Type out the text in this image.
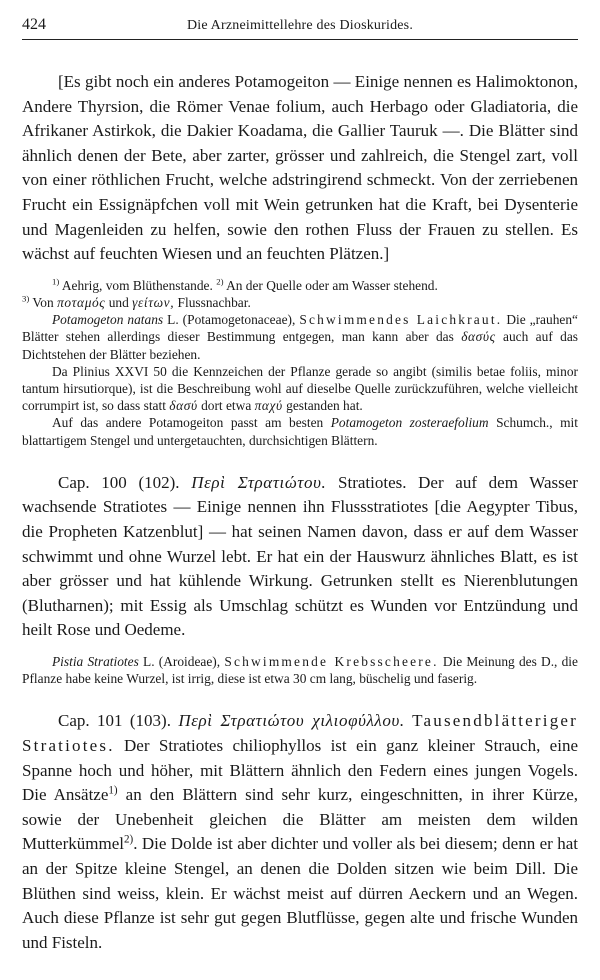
424	Die Arzneimittellehre des Dioskurides.

[Es gibt noch ein anderes Potamogeiton — Einige nennen es Halimoktonon, Andere Thyrsion, die Römer Venae folium, auch Herbago oder Gladiatoria, die Afrikaner Astirkok, die Dakier Koadama, die Gallier Tauruk —. Die Blätter sind ähnlich denen der Bete, aber zarter, grösser und zahlreich, die Stengel zart, voll von einer röthlichen Frucht, welche adstringirend schmeckt. Von der zerriebenen Frucht ein Essignäpfchen voll mit Wein getrunken hat die Kraft, bei Dysenterie und Magenleiden zu helfen, sowie den rothen Fluss der Frauen zu stellen. Es wächst auf feuchten Wiesen und an feuchten Plätzen.]

$^{1)}$ Aehrig, vom Blüthenstande. $^{2)}$ An der Quelle oder am Wasser stehend.

$^{3)}$ Von ποταμός und γείτων, Flussnachbar.

Potamogeton natans L. (Potamogetonaceae), Schwimmendes Laichkraut. Die „rauhen“ Blätter stehen allerdings dieser Bestimmung entgegen, man kann aber das δασύς auch auf das Dichtstehen der Blätter beziehen.

Da Plinius XXVI 50 die Kennzeichen der Pflanze gerade so angibt (similis betae foliis, minor tantum hirsutiorque), ist die Beschreibung wohl auf dieselbe Quelle zurückzuführen, welche vielleicht corrumpirt ist, so dass statt δασύ dort etwa παχύ gestanden hat.

Auf das andere Potamogeiton passt am besten Potamogeton zosteraefolium Schumch., mit blattartigem Stengel und untergetauchten, durchsichtigen Blättern.

Cap. 100 (102). Περὶ Στρατιώτου. Stratiotes. Der auf dem Wasser wachsende Stratiotes — Einige nennen ihn Flussstratiotes [die Aegypter Tibus, die Propheten Katzenblut] — hat seinen Namen davon, dass er auf dem Wasser schwimmt und ohne Wurzel lebt. Er hat ein der Hauswurz ähnliches Blatt, es ist aber grösser und hat kühlende Wirkung. Getrunken stellt es Nierenblutungen (Blutharnen); mit Essig als Umschlag schützt es Wunden vor Entzündung und heilt Rose und Oedeme.

Pistia Stratiotes L. (Aroideae), Schwimmende Krebsscheere. Die Meinung des D., die Pflanze habe keine Wurzel, ist irrig, diese ist etwa 30 cm lang, büschelig und faserig.

Cap. 101 (103). Περὶ Στρατιώτου χιλιοφύλλου. Tausendblätteriger Stratiotes. Der Stratiotes chiliophyllos ist ein ganz kleiner Strauch, eine Spanne hoch und höher, mit Blättern ähnlich den Federn eines jungen Vogels. Die Ansätze$^{1)}$ an den Blättern sind sehr kurz, eingeschnitten, in ihrer Kürze, sowie der Unebenheit gleichen die Blätter am meisten dem wilden Mutterkümmel$^{2)}$. Die Dolde ist aber dichter und voller als bei diesem; denn er hat an der Spitze kleine Stengel, an denen die Dolden sitzen wie beim Dill. Die Blüthen sind weiss, klein. Er wächst meist auf dürren Aeckern und an Wegen. Auch diese Pflanze ist sehr gut gegen Blutflüsse, gegen alte und frische Wunden und Fisteln.
